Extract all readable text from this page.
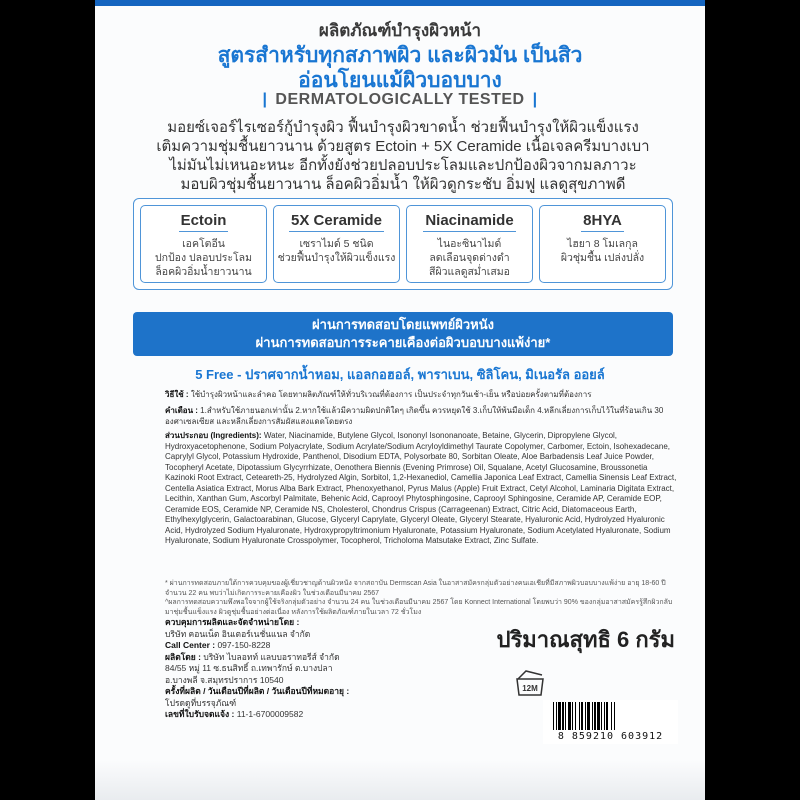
ผลิตภัณฑ์บำรุงผิวหน้า
สูตรสำหรับทุกสภาพผิว และผิวมัน เป็นสิว
อ่อนโยนแม้ผิวบอบบาง
| DERMATOLOGICALLY TESTED |
มอยซ์เจอร์ไรเซอร์กู้บำรุงผิว ฟื้นบำรุงผิวขาดน้ำ ช่วยฟื้นบำรุงให้ผิวแข็งแรง
เติมความชุ่มชื้นยาวนาน ด้วยสูตร Ectoin + 5X Ceramide เนื้อเจลครีมบางเบา
ไม่มันไม่เหนอะหนะ อีกทั้งยังช่วยปลอบประโลมและปกป้องผิวจากมลภาวะ
มอบผิวชุ่มชื้นยาวนาน ล็อคผิวอิ่มน้ำ ให้ผิวดูกระชับ อิ่มฟู แลดูสุขภาพดี
Ectoin
เอคโตอีน
ปกป้อง ปลอบประโลม
ล็อคผิวอิ่มน้ำยาวนาน
5X Ceramide
เซราไมด์ 5 ชนิด
ช่วยฟื้นบำรุงให้ผิวแข็งแรง
Niacinamide
ไนอะซินาไมด์
ลดเลือนจุดด่างดำ
สีผิวแลดูสม่ำเสมอ
8HYA
ไฮยา 8 โมเลกุล
ผิวชุ่มชื้น เปล่งปลั่ง
ผ่านการทดสอบโดยแพทย์ผิวหนัง
ผ่านการทดสอบการระคายเคืองต่อผิวบอบบางแพ้ง่าย*
5 Free - ปราศจากน้ำหอม, แอลกอฮอล์, พาราเบน, ซิลิโคน, มิเนอรัล ออยล์
วิธีใช้ : ใช้บำรุงผิวหน้าและลำคอ โดยทาผลิตภัณฑ์ให้ทั่วบริเวณที่ต้องการ เป็นประจำทุกวันเช้า-เย็น หรือบ่อยครั้งตามที่ต้องการ
คำเตือน : 1.สำหรับใช้ภายนอกเท่านั้น 2.หากใช้แล้วมีความผิดปกติใดๆ เกิดขึ้น ควรหยุดใช้ 3.เก็บให้พ้นมือเด็ก 4.หลีกเลี่ยงการเก็บไว้ในที่ร้อนเกิน 30 องศาเซลเซียส และหลีกเลี่ยงการสัมผัสแสงแดดโดยตรง
ส่วนประกอบ (Ingredients): Water, Niacinamide, Butylene Glycol, Isononyl Isononanoate, Betaine, Glycerin, Dipropylene Glycol, Hydroxyacetophenone, Sodium Polyacrylate, Sodium Acrylate/Sodium Acryloyldimethyl Taurate Copolymer, Carbomer, Ectoin, Isohexadecane, Caprylyl Glycol, Potassium Hydroxide, Panthenol, Disodium EDTA, Polysorbate 80, Sorbitan Oleate, Aloe Barbadensis Leaf Juice Powder, Tocopheryl Acetate, Dipotassium Glycyrrhizate, Oenothera Biennis (Evening Primrose) Oil, Squalane, Acetyl Glucosamine, Broussonetia Kazinoki Root Extract, Ceteareth-25, Hydrolyzed Algin, Sorbitol, 1,2-Hexanediol, Camellia Japonica Leaf Extract, Camellia Sinensis Leaf Extract, Centella Asiatica Extract, Morus Alba Bark Extract, Phenoxyethanol, Pyrus Malus (Apple) Fruit Extract, Cetyl Alcohol, Laminaria Digitata Extract, Lecithin, Xanthan Gum, Ascorbyl Palmitate, Behenic Acid, Caprooyl Phytosphingosine, Caprooyl Sphingosine, Ceramide AP, Ceramide EOP, Ceramide EOS, Ceramide NP, Ceramide NS, Cholesterol, Chondrus Crispus (Carrageenan) Extract, Citric Acid, Diatomaceous Earth, Ethylhexylglycerin, Galactoarabinan, Glucose, Glyceryl Caprylate, Glyceryl Oleate, Glyceryl Stearate, Hyaluronic Acid, Hydrolyzed Hyaluronic Acid, Hydrolyzed Sodium Hyaluronate, Hydroxypropyltrimonium Hyaluronate, Potassium Hyaluronate, Sodium Acetylated Hyaluronate, Sodium Hyaluronate, Sodium Hyaluronate Crosspolymer, Tocopherol, Tricholoma Matsutake Extract, Zinc Sulfate.
* ผ่านการทดสอบภายใต้การควบคุมของผู้เชี่ยวชาญด้านผิวหนัง จากสถาบัน Dermscan Asia ในอาสาสมัครกลุ่มตัวอย่างคนเอเชียที่มีสภาพผิวบอบบางแพ้ง่าย อายุ 18-60 ปี จำนวน 22 คน พบว่าไม่เกิดการระคายเคืองผิว ในช่วงเดือนมีนาคม 2567
^ผลการทดสอบความพึงพอใจจากผู้ใช้จริงกลุ่มตัวอย่าง จำนวน 24 คน ในช่วงเดือนมีนาคม 2567 โดย Konnect International โดยพบว่า 90% ของกลุ่มอาสาสมัครรู้สึกผิวกลับมาชุ่มชื้นแข็งแรง ผิวดูชุ่มชื้นอย่างต่อเนื่อง หลังการใช้ผลิตภัณฑ์ภายในเวลา 72 ชั่วโมง
ควบคุมการผลิตและจัดจำหน่ายโดย :
บริษัท คอนเน็ต อินเตอร์เนชั่นแนล จำกัด
Call Center : 097-150-8228
ผลิตโดย : บริษัท ไบลอทท์ แลบบอราทอรีส์ จำกัด
84/55 หมู่ 11 ซ.ธนสิทธิ์ ถ.เทพารักษ์ ต.บางปลา
อ.บางพลี จ.สมุทรปราการ 10540
ครั้งที่ผลิต / วันเดือนปีที่ผลิต / วันเดือนปีที่หมดอายุ :
โปรดดูที่บรรจุภัณฑ์
เลขที่ใบรับจดแจ้ง : 11-1-6700009582
ปริมาณสุทธิ 6 กรัม
12M
8 859210 603912
